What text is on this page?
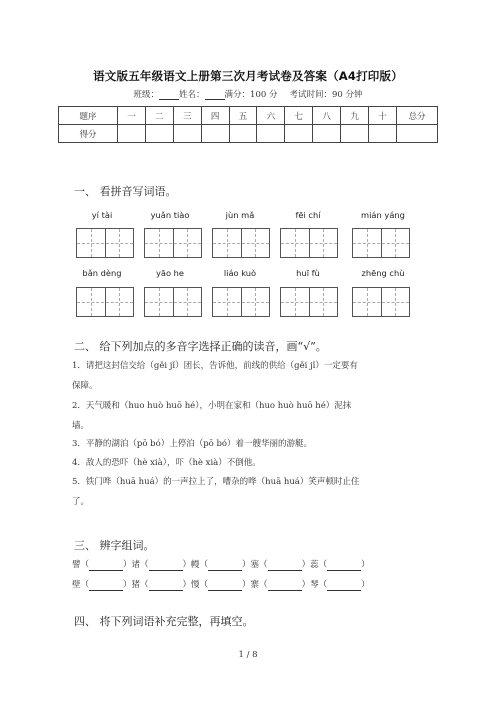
语文版五年级语文上册第三次月考试卷及答案（A4打印版）
班级： 姓名： 满分：100 分 考试时间：90 分钟
题序	一	二	三	四	五	六	七	八	九	十	总分
得分											
一、 看拼音写词语。
yí tài	yuǎn tiào	jùn mǎ	fēi chí	mián yáng
bǎn dèng	yāo he	liáo kuò	huī fù	zhēng chù
二、 给下列加点的多音字选择正确的读音，画“√”。
1．请把这封信交给（gěi jǐ）团长，告诉他，前线的供给（gěi jǐ）一定要有
保障。
2．天气暖和（huo huò huō hé），小明在家和（huo huò huō hé）泥抹
墙。
3．平静的湖泊（pō bó）上停泊（pō bó）着一艘华丽的游艇。
4．敌人的恐吓（hè xià），吓（hè xià）不倒他。
5．铁门哗（huā huá）的一声拉上了，嘈杂的哗（huā huá）笑声顿时止住
了。
三、 辨字组词。
譬（	）诸（	）幔（	）塞（	）蕊（	）
壁（	）猪（	）慢（	）寨（	）琴（	）
四、 将下列词语补充完整，再填空。
1 / 8
